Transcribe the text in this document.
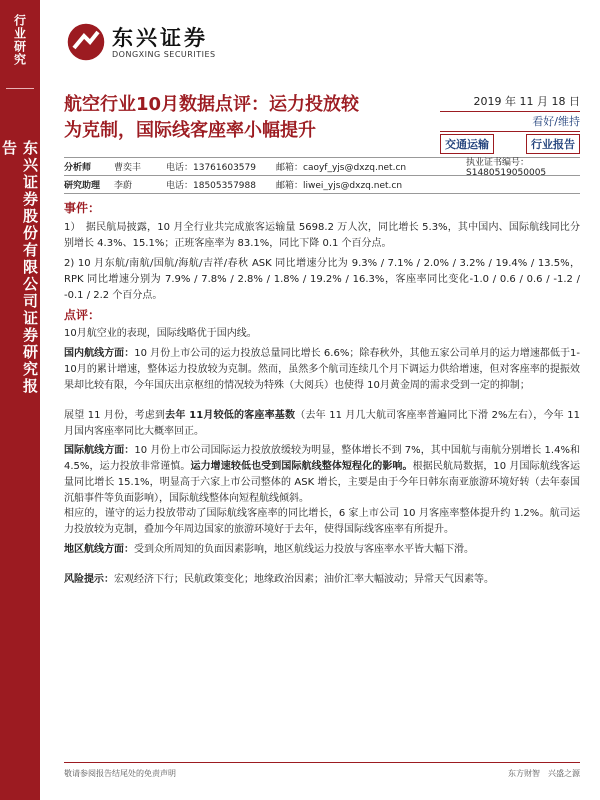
行业研究
东兴证券股份有限公司证券研究报告
东兴证券
DONGXING SECURITIES
航空行业10月数据点评：运力投放较
为克制，国际线客座率小幅提升
2019 年 11 月 18 日
看好/维持
交通运输	行业报告
分析师	曹奕丰	电话：13761603579	邮箱：caoyf_yjs@dxzq.net.cn	执业证书编号：S1480519050005
研究助理	李蔚	电话：18505357988	邮箱：liwei_yjs@dxzq.net.cn
事件：
1）　据民航局披露，10 月全行业共完成旅客运输量 5698.2 万人次，同比增长 5.3%，其中国内、国际航线同比分别增长 4.3%、15.1%；正班客座率为 83.1%，同比下降 0.1 个百分点。
2) 10 月东航/南航/国航/海航/吉祥/春秋 ASK 同比增速分比为 9.3% / 7.1% / 2.0% / 3.2% / 19.4% / 13.5%，RPK 同比增速分别为 7.9% / 7.8% / 2.8% / 1.8% / 19.2% / 16.3%，客座率同比变化-1.0 / 0.6 / 0.6 / -1.2 / -0.1 / 2.2 个百分点。
点评：
10月航空业的表现，国际线略优于国内线。
国内航线方面：10 月份上市公司的运力投放总量同比增长 6.6%；除春秋外，其他五家公司单月的运力增速都低于1-10月的累计增速，整体运力投放较为克制。然而，虽然多个航司连续几个月下调运力供给增速，但对客座率的提振效果却比较有限，今年国庆出京枢纽的情况较为特殊（大阅兵）也使得 10月黄金周的需求受到一定的抑制；
展望 11 月份，考虑到去年 11月较低的客座率基数（去年 11 月几大航司客座率普遍同比下滑 2%左右），今年 11 月国内客座率同比大概率回正。
国际航线方面：10 月份上市公司国际运力投放放缓较为明显，整体增长不到 7%，其中国航与南航分别增长 1.4%和 4.5%，运力投放非常谨慎。运力增速较低也受到国际航线整体短程化的影响。根据民航局数据，10 月国际航线客运量同比增长 15.1%，明显高于六家上市公司整体的 ASK 增长，主要是由于今年日韩东南亚旅游环境好转（去年泰国沉船事件等负面影响），国际航线整体向短程航线倾斜。
相应的，谨守的运力投放带动了国际航线客座率的同比增长，6 家上市公司 10 月客座率整体提升约 1.2%。航司运力投放较为克制，叠加今年周边国家的旅游环境好于去年，使得国际线客座率有所提升。
地区航线方面：受到众所周知的负面因素影响，地区航线运力投放与客座率水平皆大幅下滑。
风险提示：宏观经济下行；民航政策变化；地缘政治因素；油价汇率大幅波动；异常天气因素等。
敬请参阅报告结尾处的免责声明	东方财智　兴盛之源
